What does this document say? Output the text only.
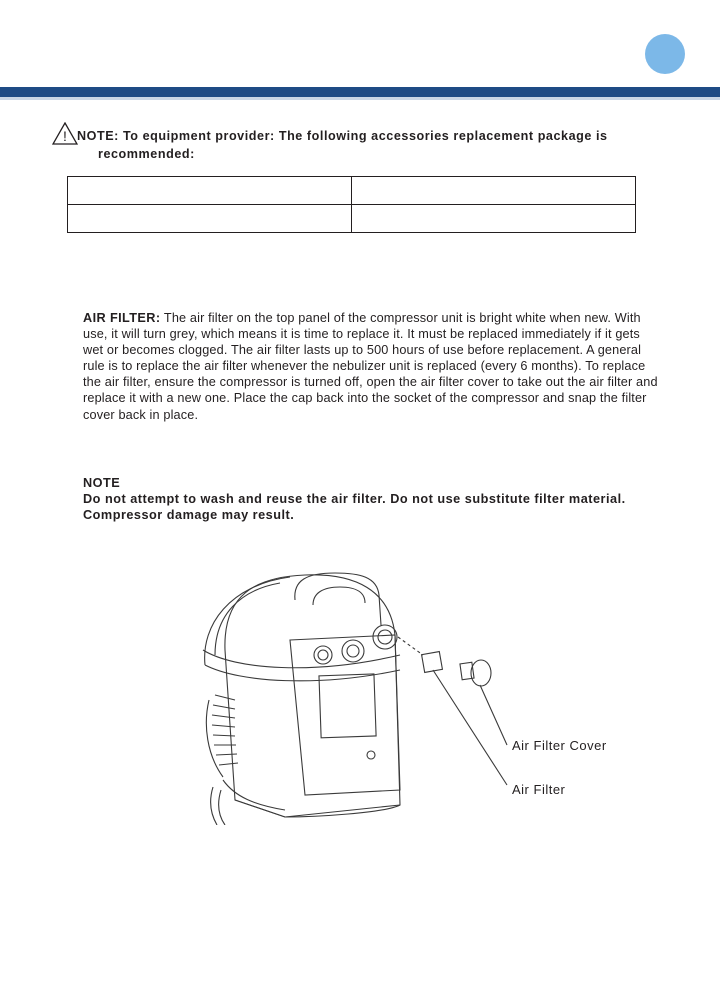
! NOTE: To equipment provider: The following accessories replacement package is
recommended:

AIR FILTER: The air filter on the top panel of the compressor unit is bright white when new. With use, it will turn grey, which means it is time to replace it. It must be replaced immediately if it gets wet or becomes clogged. The air filter lasts up to 500 hours of use before replacement. A general rule is to replace the air filter whenever the nebulizer unit is replaced (every 6 months). To replace the air filter, ensure the compressor is turned off, open the air filter cover to take out the air filter and replace it with a new one. Place the cap back into the socket of the compressor and snap the filter cover back in place.
NOTE
Do not attempt to wash and reuse the air filter. Do not use substitute filter material. Compressor damage may result.
Air Filter Cover
Air Filter
